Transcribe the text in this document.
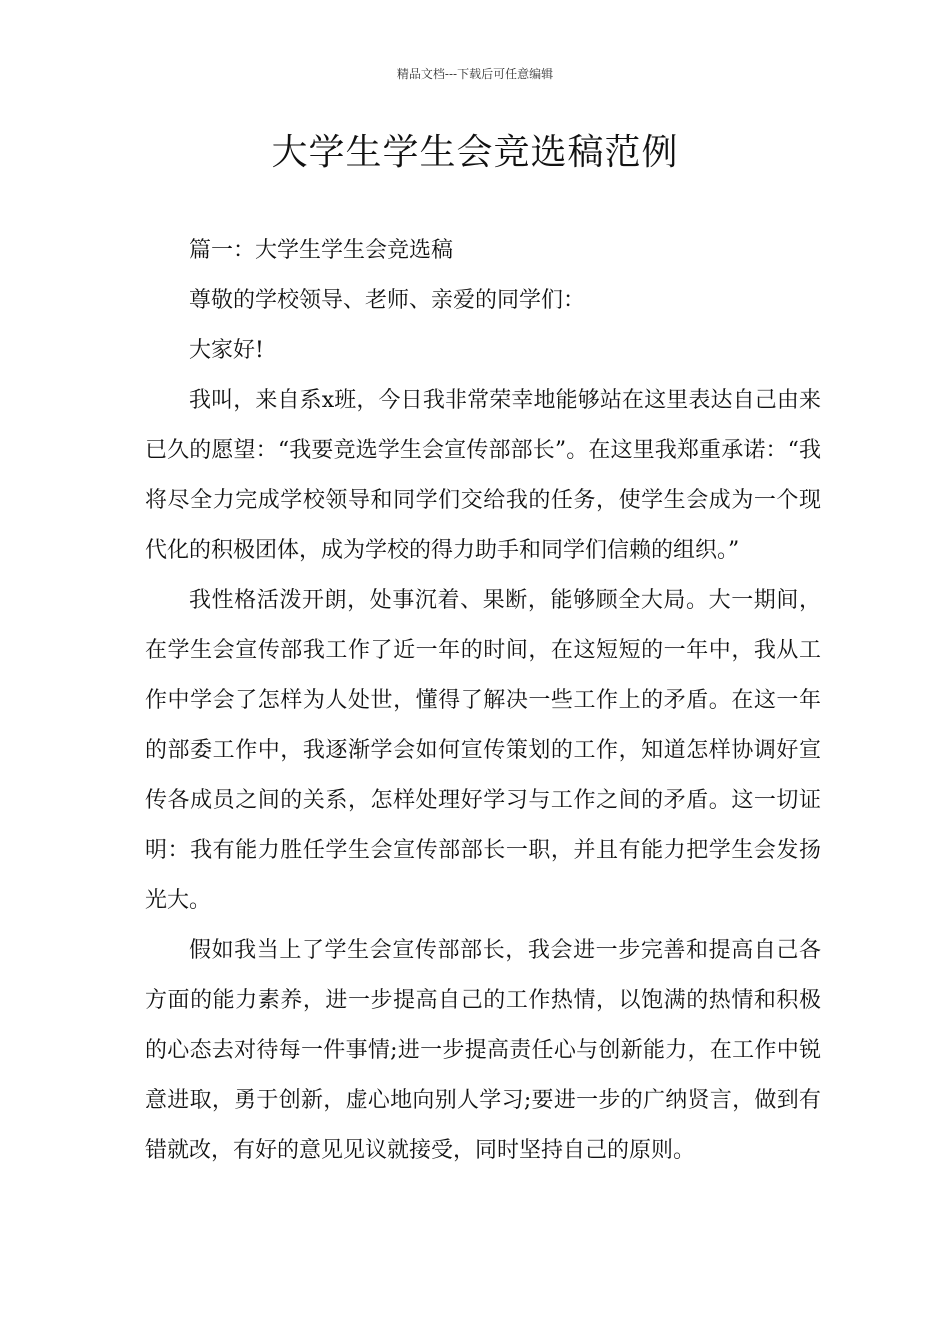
精品文档---下载后可任意编辑
大学生学生会竞选稿范例

篇一：大学生学生会竞选稿

尊敬的学校领导、老师、亲爱的同学们：

大家好!

我叫，来自系x班，今日我非常荣幸地能够站在这里表达自己由来已久的愿望：“我要竞选学生会宣传部部长”。在这里我郑重承诺：“我将尽全力完成学校领导和同学们交给我的任务，使学生会成为一个现代化的积极团体，成为学校的得力助手和同学们信赖的组织。”

我性格活泼开朗，处事沉着、果断，能够顾全大局。大一期间，在学生会宣传部我工作了近一年的时间，在这短短的一年中，我从工作中学会了怎样为人处世，懂得了解决一些工作上的矛盾。在这一年的部委工作中，我逐渐学会如何宣传策划的工作，知道怎样协调好宣传各成员之间的关系，怎样处理好学习与工作之间的矛盾。这一切证明：我有能力胜任学生会宣传部部长一职，并且有能力把学生会发扬光大。

假如我当上了学生会宣传部部长，我会进一步完善和提高自己各方面的能力素养，进一步提高自己的工作热情，以饱满的热情和积极的心态去对待每一件事情;进一步提高责任心与创新能力，在工作中锐意进取，勇于创新，虚心地向别人学习;要进一步的广纳贤言，做到有错就改，有好的意见见议就接受，同时坚持自己的原则。
